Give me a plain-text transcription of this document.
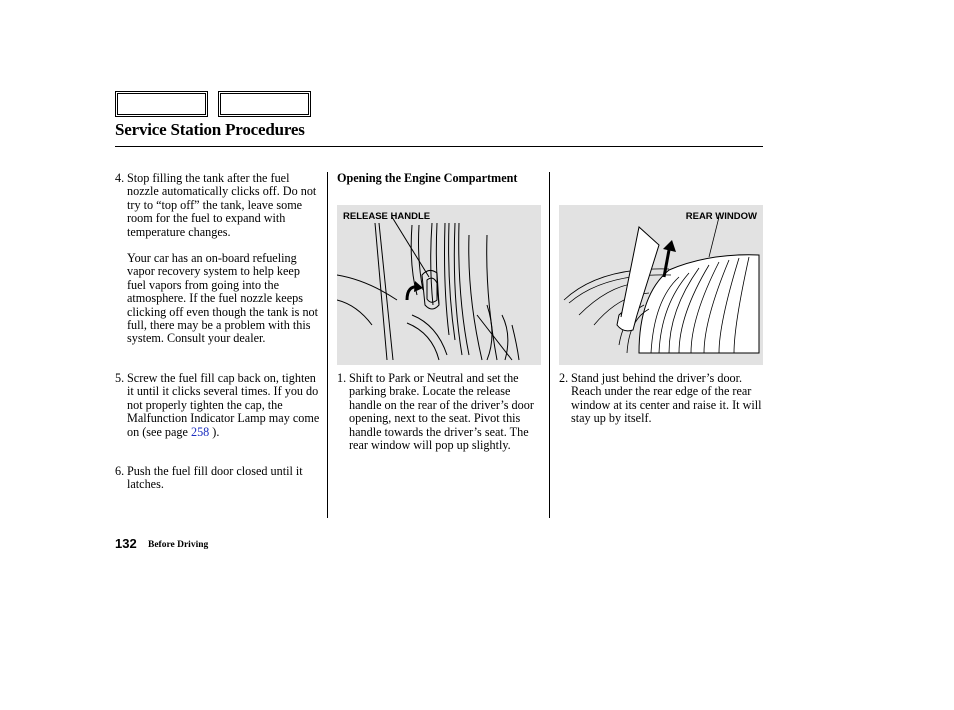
Service Station Procedures
4. Stop filling the tank after the fuel nozzle automatically clicks off. Do not try to “top off” the tank, leave some room for the fuel to expand with temperature changes.
Your car has an on-board refueling vapor recovery system to help keep fuel vapors from going into the atmosphere. If the fuel nozzle keeps clicking off even though the tank is not full, there may be a problem with this system. Consult your dealer.
5. Screw the fuel fill cap back on, tighten it until it clicks several times. If you do not properly tighten the cap, the Malfunction Indicator Lamp may come on (see page 258 ).
6. Push the fuel fill door closed until it latches.
Opening the Engine Compartment
RELEASE HANDLE
1. Shift to Park or Neutral and set the parking brake. Locate the release handle on the rear of the driver’s door opening, next to the seat. Pivot this handle towards the driver’s seat. The rear window will pop up slightly.
REAR WINDOW
2. Stand just behind the driver’s door. Reach under the rear edge of the rear window at its center and raise it. It will stay up by itself.
132 Before Driving
